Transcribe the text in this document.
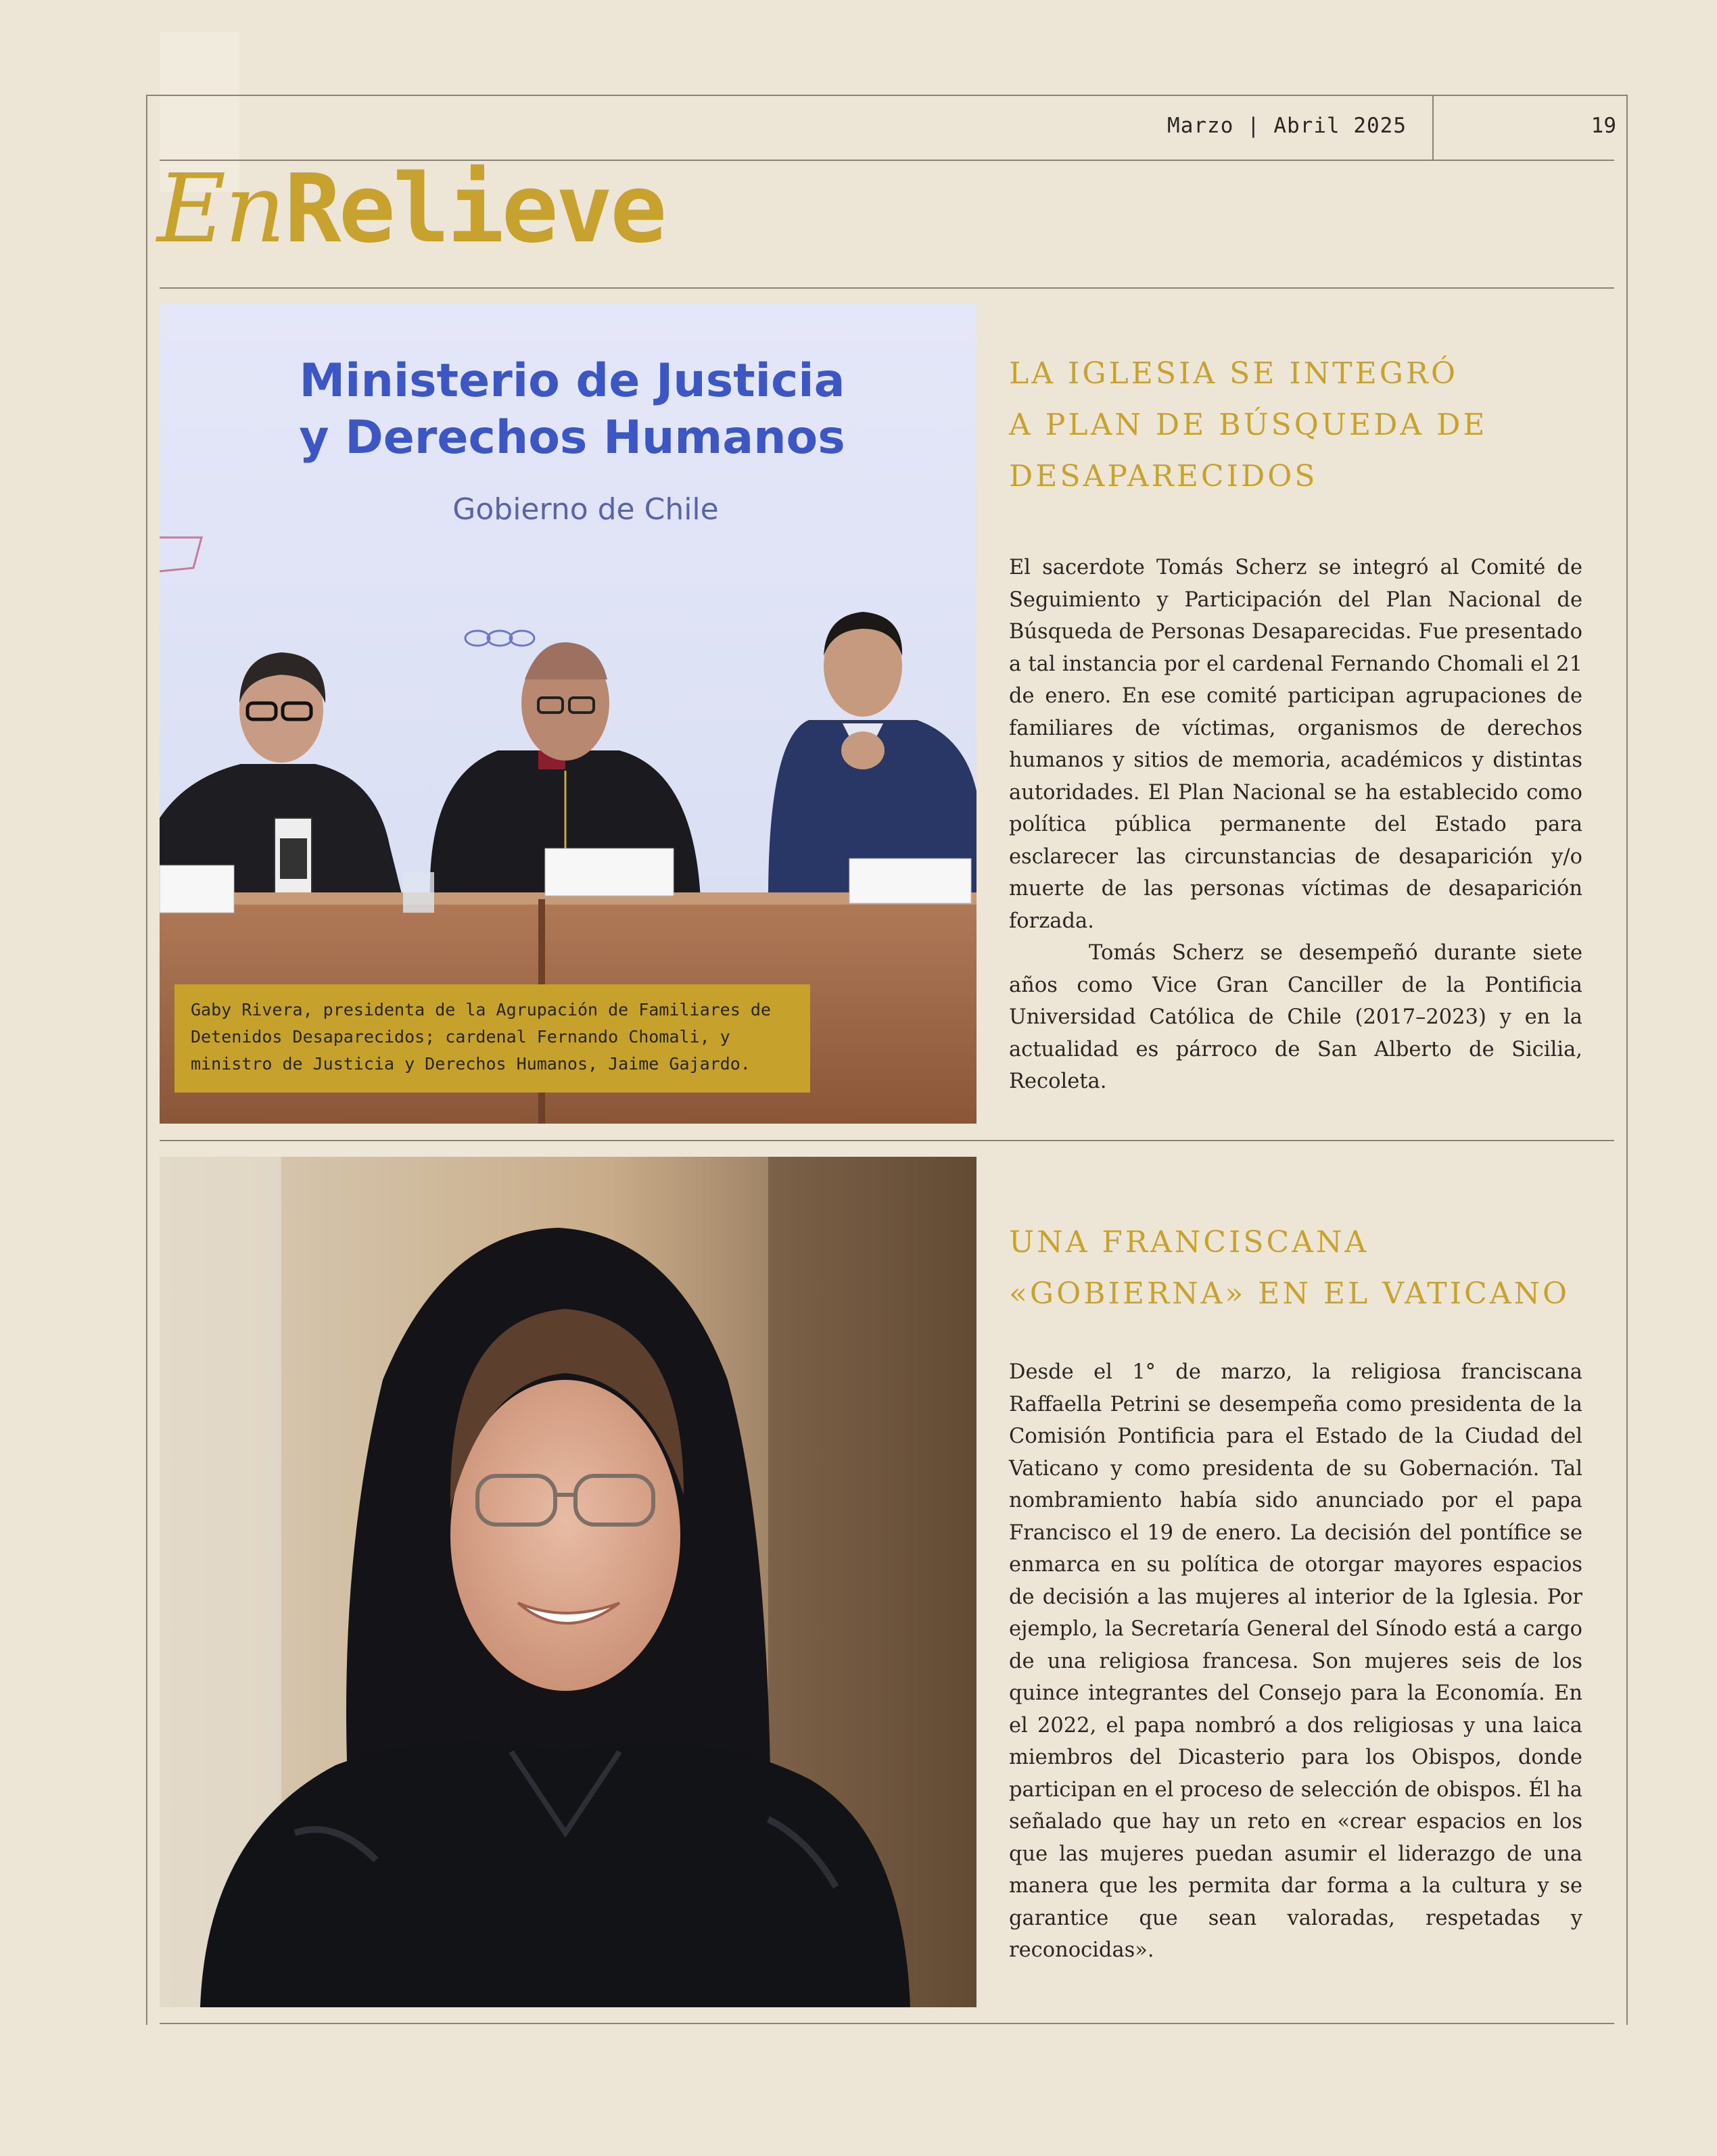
Marzo | Abril 2025	19
EnRelieve
Ministerio de Justicia
y Derechos Humanos
Gobierno de Chile
Gaby Rivera, presidenta de la Agrupación de Familiares de Detenidos Desaparecidos; cardenal Fernando Chomali, y ministro de Justicia y Derechos Humanos, Jaime Gajardo.
LA IGLESIA SE INTEGRÓ
A PLAN DE BÚSQUEDA DE
DESAPARECIDOS

El sacerdote Tomás Scherz se integró al Comité de Seguimiento y Participación del Plan Nacional de Búsqueda de Personas Desaparecidas. Fue presentado a tal instancia por el cardenal Fernando Chomali el 21 de enero. En ese comité participan agrupaciones de familiares de víctimas, organismos de derechos humanos y sitios de memoria, académicos y distintas autoridades. El Plan Nacional se ha establecido como política pública permanente del Estado para esclarecer las circunstancias de desaparición y/o muerte de las personas víctimas de desaparición forzada.

Tomás Scherz se desempeñó durante siete años como Vice Gran Canciller de la Pontificia Universidad Católica de Chile (2017–2023) y en la actualidad es párroco de San Alberto de Sicilia, Recoleta.

UNA FRANCISCANA
«GOBIERNA» EN EL VATICANO

Desde el 1° de marzo, la religiosa franciscana Raffaella Petrini se desempeña como presidenta de la Comisión Pontificia para el Estado de la Ciudad del Vaticano y como presidenta de su Gobernación. Tal nombramiento había sido anunciado por el papa Francisco el 19 de enero. La decisión del pontífice se enmarca en su política de otorgar mayores espacios de decisión a las mujeres al interior de la Iglesia. Por ejemplo, la Secretaría General del Sínodo está a cargo de una religiosa francesa. Son mujeres seis de los quince integrantes del Consejo para la Economía. En el 2022, el papa nombró a dos religiosas y una laica miembros del Dicasterio para los Obispos, donde participan en el proceso de selección de obispos. Él ha señalado que hay un reto en «crear espacios en los que las mujeres puedan asumir el liderazgo de una manera que les permita dar forma a la cultura y se garantice que sean valoradas, respetadas y reconocidas».
